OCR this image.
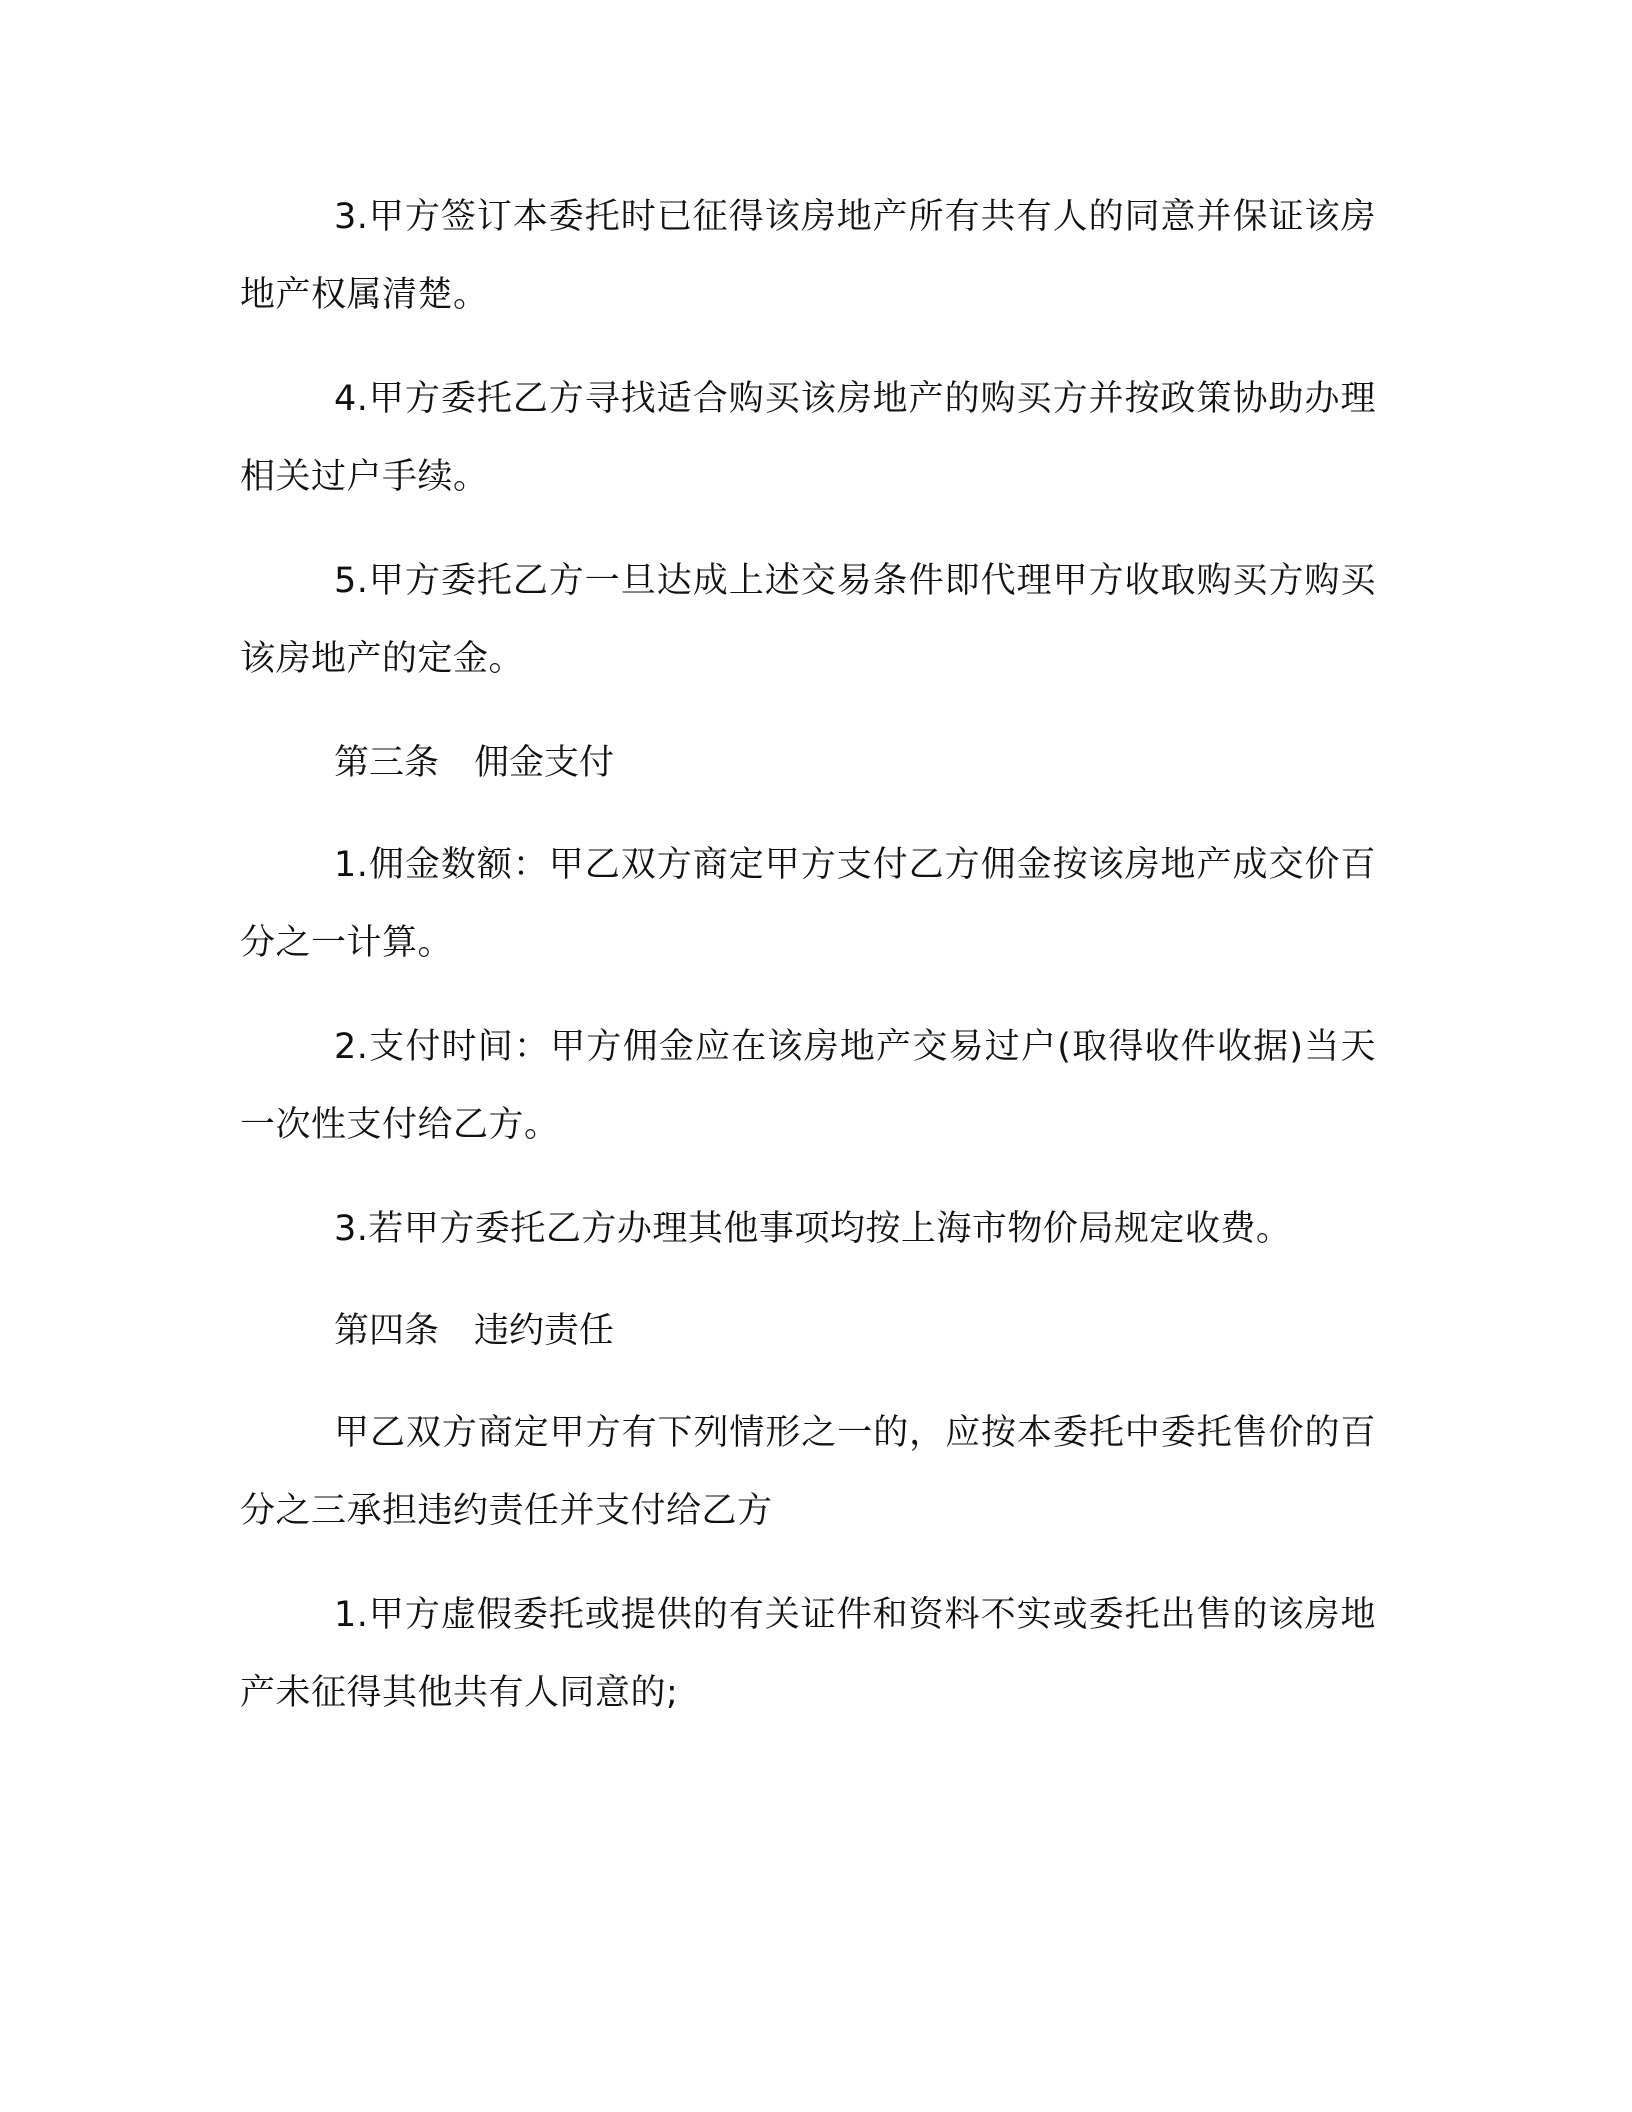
3.甲方签订本委托时已征得该房地产所有共有人的同意并保证该房地产权属清楚。

4.甲方委托乙方寻找适合购买该房地产的购买方并按政策协助办理相关过户手续。

5.甲方委托乙方一旦达成上述交易条件即代理甲方收取购买方购买该房地产的定金。

第三条　佣金支付

1.佣金数额：甲乙双方商定甲方支付乙方佣金按该房地产成交价百分之一计算。

2.支付时间：甲方佣金应在该房地产交易过户(取得收件收据)当天一次性支付给乙方。

3.若甲方委托乙方办理其他事项均按上海市物价局规定收费。

第四条　违约责任

甲乙双方商定甲方有下列情形之一的，应按本委托中委托售价的百分之三承担违约责任并支付给乙方

1.甲方虚假委托或提供的有关证件和资料不实或委托出售的该房地产未征得其他共有人同意的;
